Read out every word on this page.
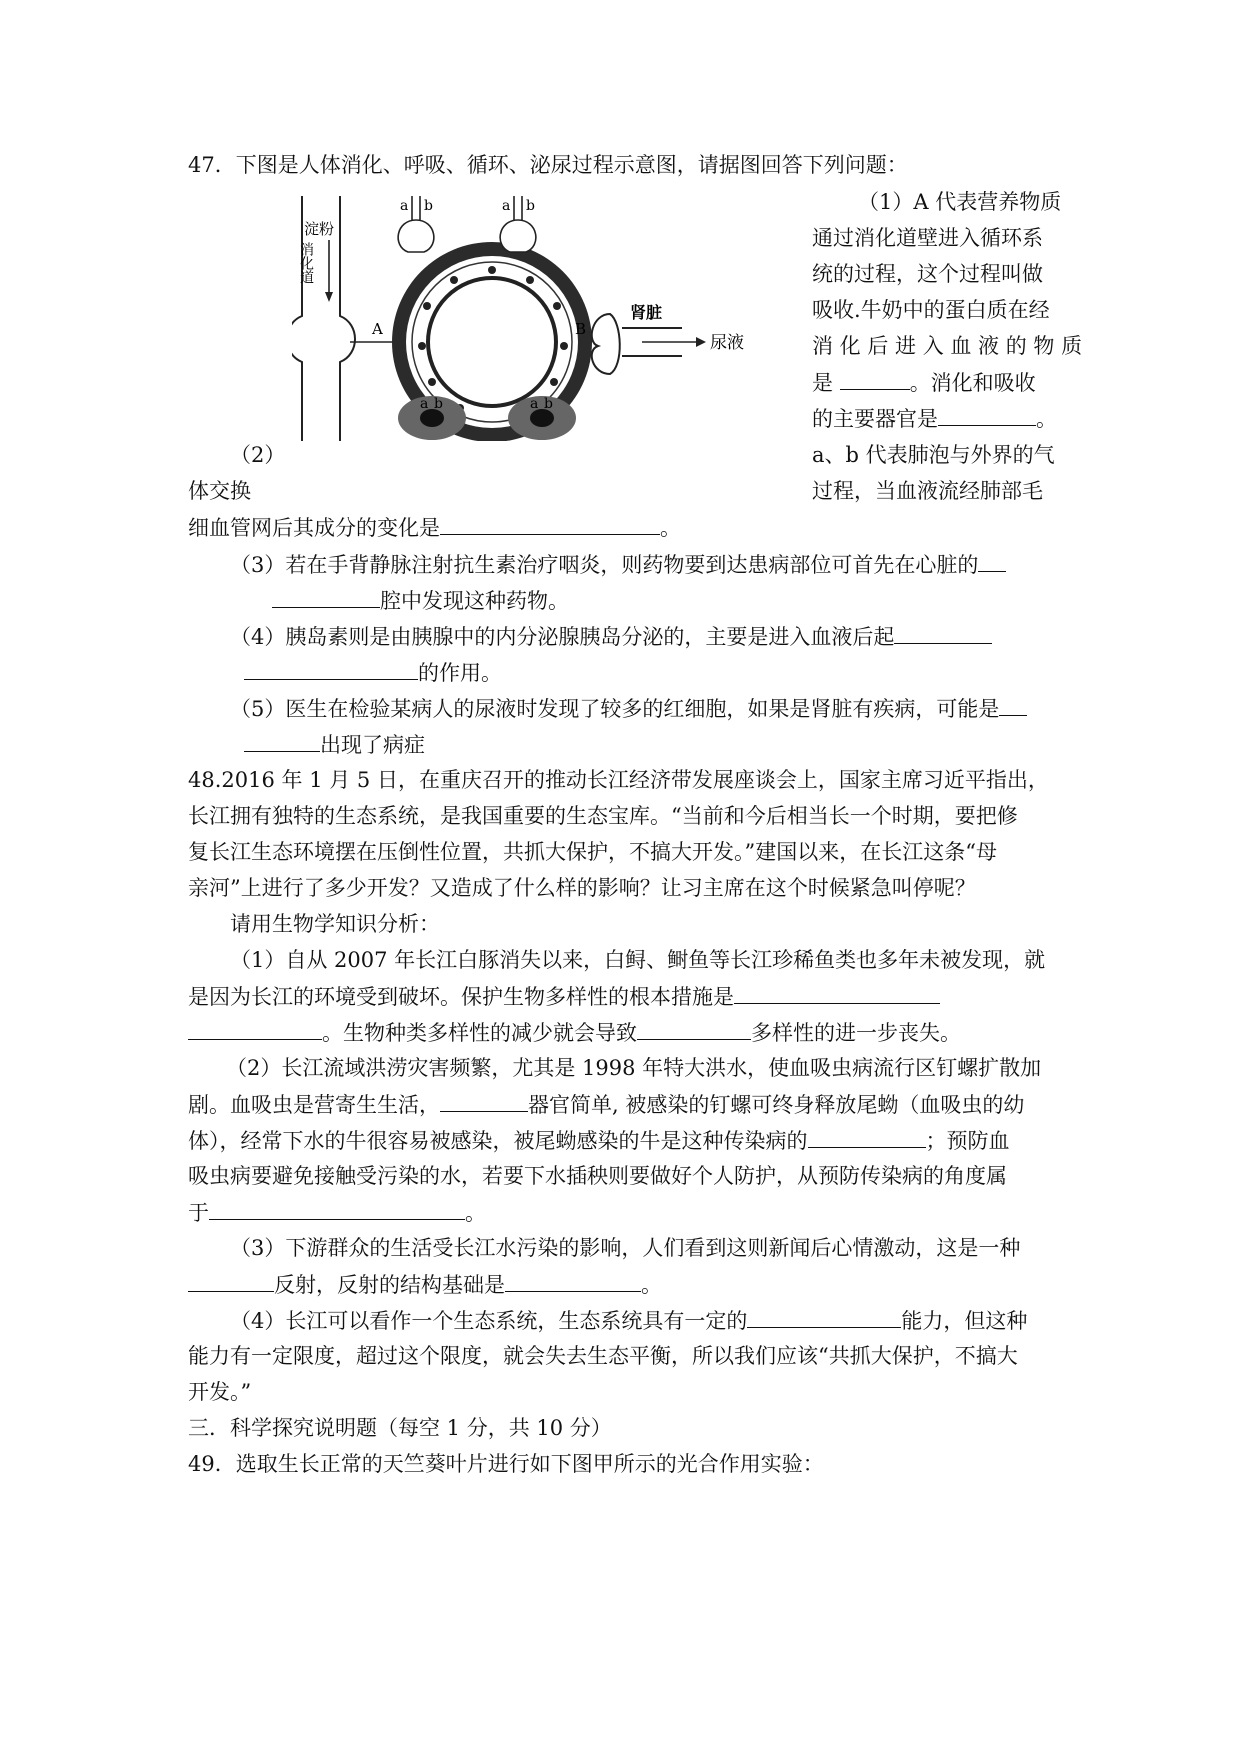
47．下图是人体消化、呼吸、循环、泌尿过程示意图，请据图回答下列问题：
（1）A 代表营养物质
通过消化道壁进入循环系
统的过程，这个过程叫做
吸收.牛奶中的蛋白质在经
消 化 后 进 入 血 液 的 物 质
是	。消化和吸收
的主要器官是	。
（2）	a、b 代表肺泡与外界的气
体交换	过程，当血液流经肺部毛
细血管网后其成分的变化是	。
（3）若在手背静脉注射抗生素治疗咽炎，则药物要到达患病部位可首先在心脏的
腔中发现这种药物。
（4）胰岛素则是由胰腺中的内分泌腺胰岛分泌的，主要是进入血液后起
的作用。
（5）医生在检验某病人的尿液时发现了较多的红细胞，如果是肾脏有疾病，可能是
出现了病症
淀粉
消化道
A
a b	a b
a b	a b
B
肾脏
尿液
48.2016 年 1 月 5 日，在重庆召开的推动长江经济带发展座谈会上，国家主席习近平指出，
长江拥有独特的生态系统，是我国重要的生态宝库。“当前和今后相当长一个时期，要把修
复长江生态环境摆在压倒性位置，共抓大保护，不搞大开发。”建国以来，在长江这条“母
亲河”上进行了多少开发？又造成了什么样的影响？让习主席在这个时候紧急叫停呢？
请用生物学知识分析：
（1）自从 2007 年长江白豚消失以来，白鲟、鲥鱼等长江珍稀鱼类也多年未被发现，就
是因为长江的环境受到破坏。保护生物多样性的根本措施是
。生物种类多样性的减少就会导致	多样性的进一步丧失。
（2）长江流域洪涝灾害频繁，尤其是 1998 年特大洪水，使血吸虫病流行区钉螺扩散加
剧。血吸虫是营寄生生活，	器官简单, 被感染的钉螺可终身释放尾蚴（血吸虫的幼
体），经常下水的牛很容易被感染，被尾蚴感染的牛是这种传染病的	；预防血
吸虫病要避免接触受污染的水，若要下水插秧则要做好个人防护，从预防传染病的角度属
于	。
（3）下游群众的生活受长江水污染的影响，人们看到这则新闻后心情激动，这是一种
反射，反射的结构基础是	。
（4）长江可以看作一个生态系统，生态系统具有一定的	能力，但这种
能力有一定限度，超过这个限度，就会失去生态平衡，所以我们应该“共抓大保护，不搞大
开发。”
三．科学探究说明题（每空 1 分，共 10 分）
49．选取生长正常的天竺葵叶片进行如下图甲所示的光合作用实验：
